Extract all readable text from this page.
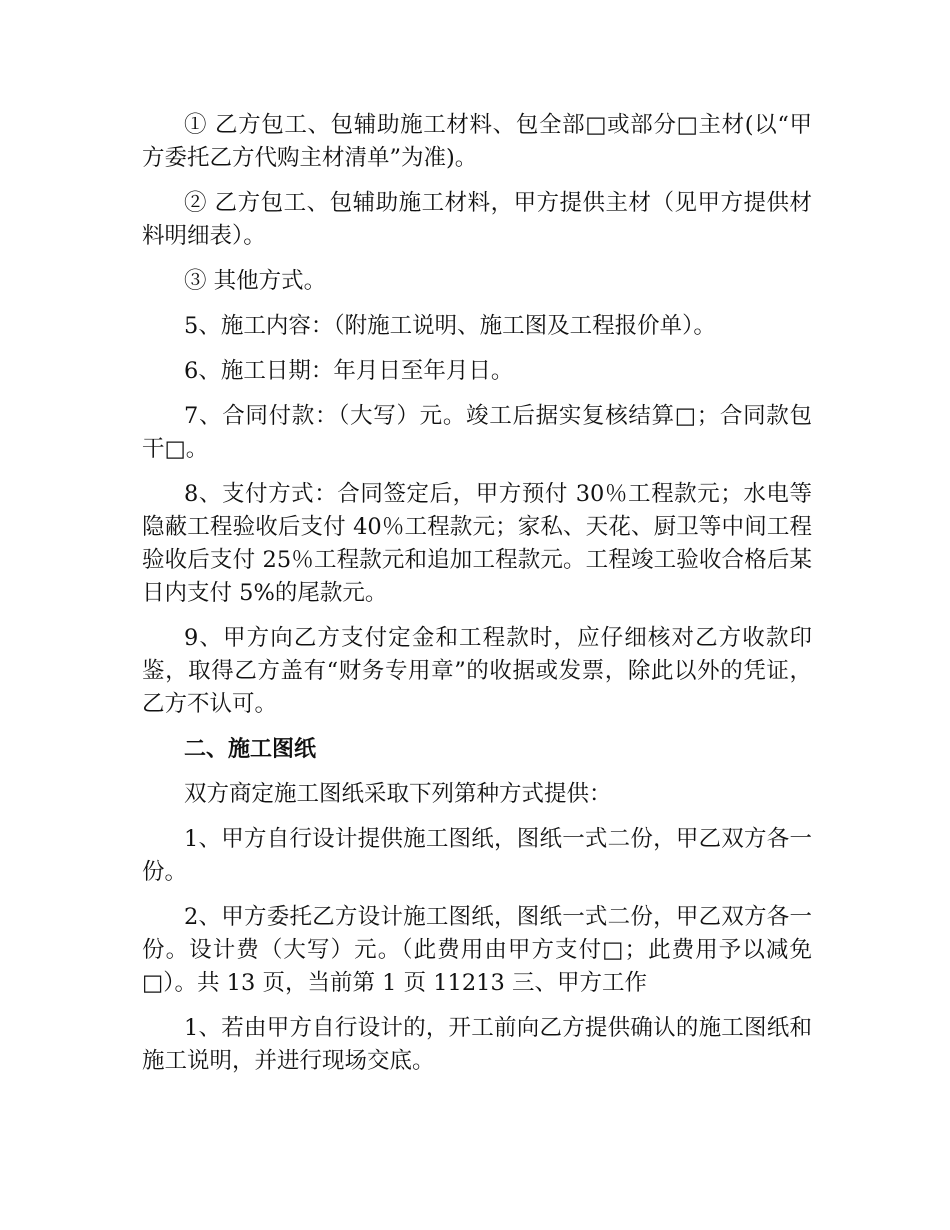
① 乙方包工、包辅助施工材料、包全部□或部分□主材(以“甲方委托乙方代购主材清单”为准)。

② 乙方包工、包辅助施工材料，甲方提供主材（见甲方提供材料明细表）。

③ 其他方式。

5、施工内容：（附施工说明、施工图及工程报价单）。

6、施工日期：年月日至年月日。

7、合同付款：（大写）元。竣工后据实复核结算□；合同款包干□。

8、支付方式：合同签定后，甲方预付 30％工程款元；水电等隐蔽工程验收后支付 40％工程款元；家私、天花、厨卫等中间工程验收后支付 25％工程款元和追加工程款元。工程竣工验收合格后某日内支付 5%的尾款元。

9、甲方向乙方支付定金和工程款时，应仔细核对乙方收款印鉴，取得乙方盖有“财务专用章”的收据或发票，除此以外的凭证，乙方不认可。

二、施工图纸

双方商定施工图纸采取下列第种方式提供：

1、甲方自行设计提供施工图纸，图纸一式二份，甲乙双方各一份。

2、甲方委托乙方设计施工图纸，图纸一式二份，甲乙双方各一份。设计费（大写）元。（此费用由甲方支付□；此费用予以减免□）。共 13 页，当前第 1 页 11213 三、甲方工作

1、若由甲方自行设计的，开工前向乙方提供确认的施工图纸和施工说明，并进行现场交底。
